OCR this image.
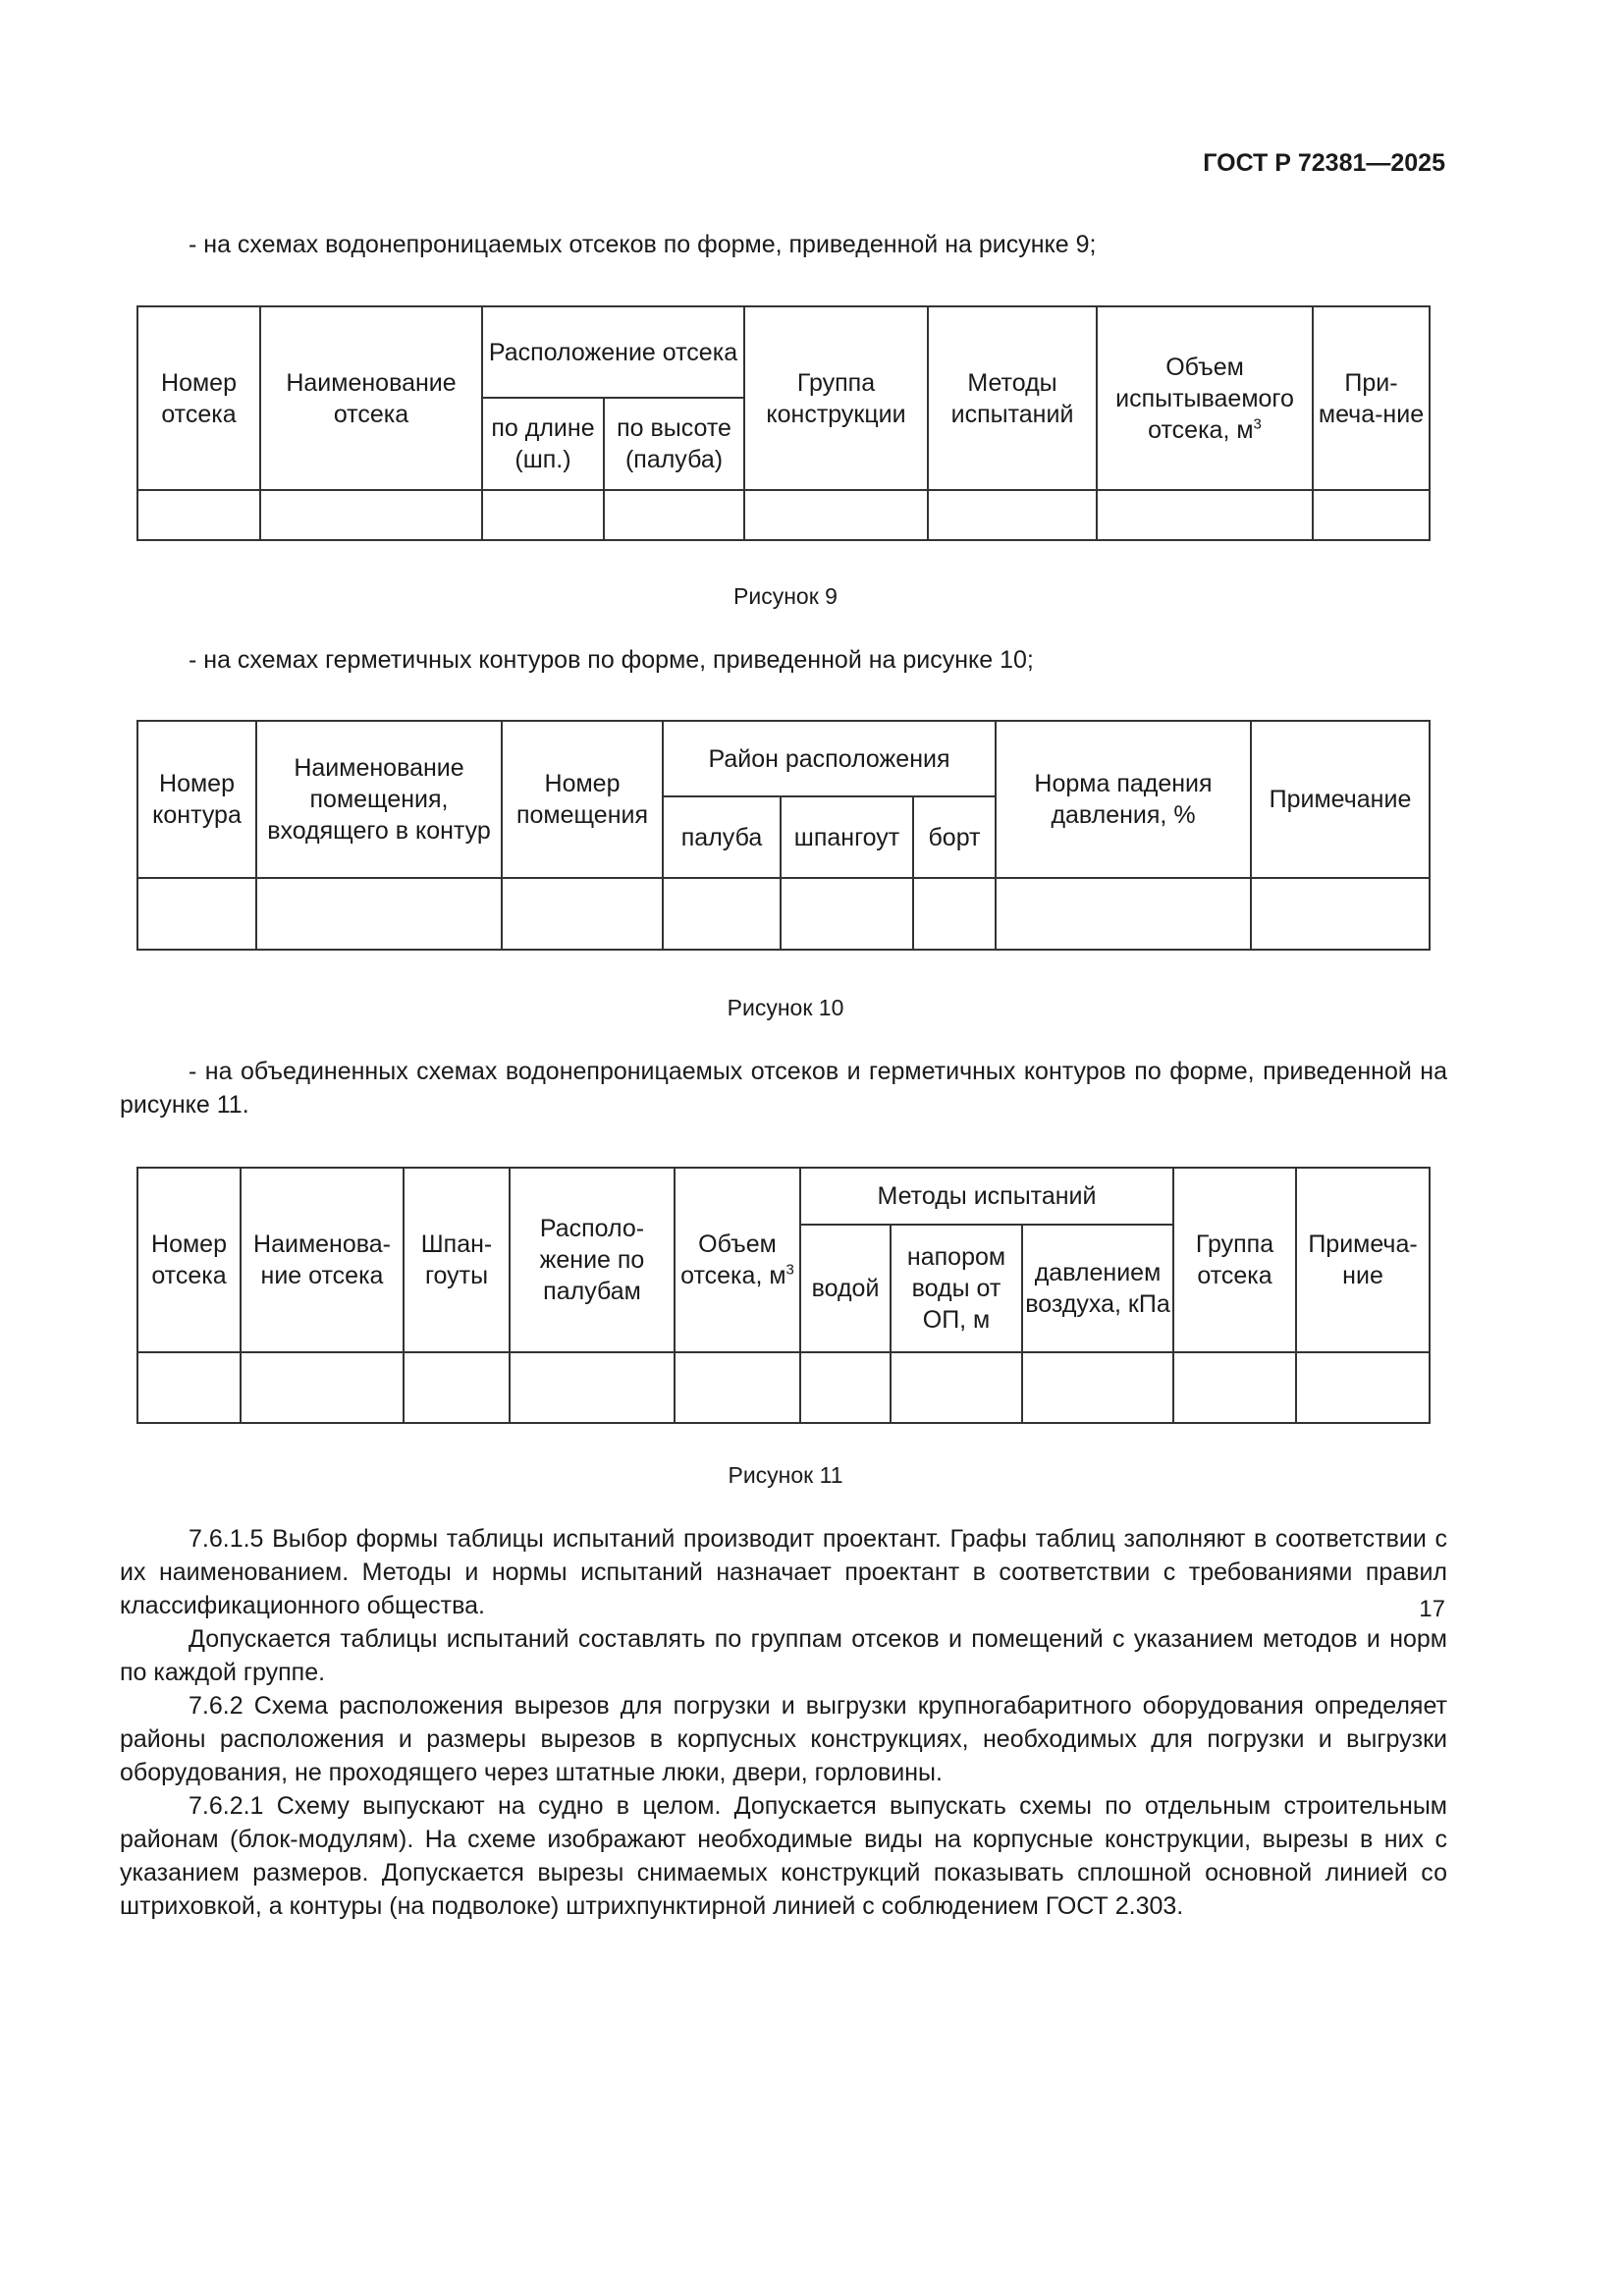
ГОСТ Р 72381—2025

- на схемах водонепроницаемых отсеков по форме, приведенной на рисунке 9;

Номер отсека	Наименование отсека	Расположение отсека		Группа конструкции	Методы испытаний	Объем испытываемого отсека, $м^3$	При-меча-ние
		по длине (шп.)	по высоте (палуба)				

Рисунок 9

- на схемах герметичных контуров по форме, приведенной на рисунке 10;

Номер контура	Наименование помещения, входящего в контур	Номер помещения	Район расположения			Норма падения давления, %	Примечание
			палуба	шпангоут	борт		

Рисунок 10

- на объединенных схемах водонепроницаемых отсеков и герметичных контуров по форме, приведенной на рисунке 11.

Номер отсека	Наименова-ние отсека	Шпан-гоуты	Располо-жение по палубам	Объем отсека, $м^3$	Методы испытаний			Группа отсека	Примеча-ние
					водой	напором воды от ОП, м	давлением воздуха, кПа		

Рисунок 11

7.6.1.5 Выбор формы таблицы испытаний производит проектант. Графы таблиц заполняют в соответствии с их наименованием. Методы и нормы испытаний назначает проектант в соответствии с требованиями правил классификационного общества.

Допускается таблицы испытаний составлять по группам отсеков и помещений с указанием методов и норм по каждой группе.

7.6.2 Схема расположения вырезов для погрузки и выгрузки крупногабаритного оборудования определяет районы расположения и размеры вырезов в корпусных конструкциях, необходимых для погрузки и выгрузки оборудования, не проходящего через штатные люки, двери, горловины.

7.6.2.1 Схему выпускают на судно в целом. Допускается выпускать схемы по отдельным строительным районам (блок-модулям). На схеме изображают необходимые виды на корпусные конструкции, вырезы в них с указанием размеров. Допускается вырезы снимаемых конструкций показывать сплошной основной линией со штриховкой, а контуры (на подволоке) штрихпунктирной линией с соблюдением ГОСТ 2.303.

17
